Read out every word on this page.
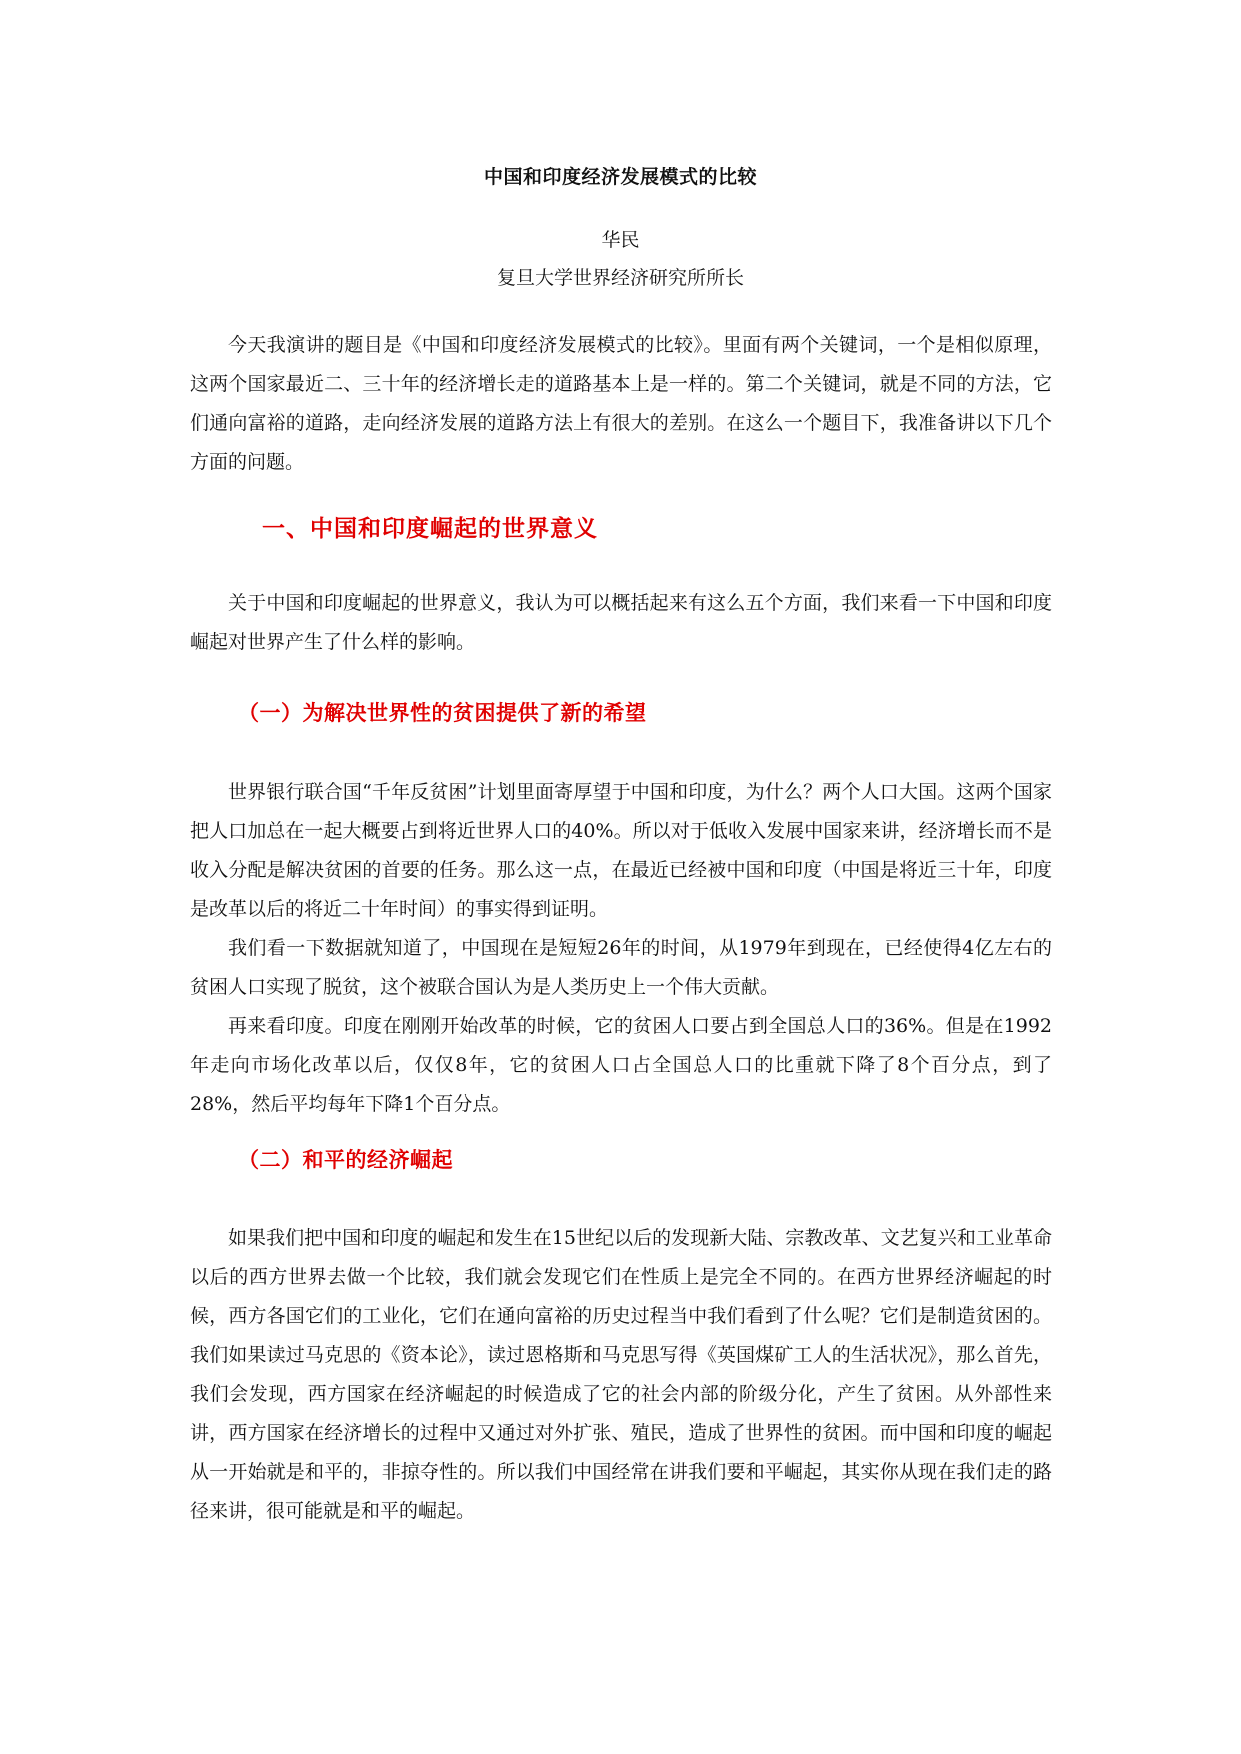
中国和印度经济发展模式的比较
华民
复旦大学世界经济研究所所长

今天我演讲的题目是《中国和印度经济发展模式的比较》。里面有两个关键词，一个是相似原理，这两个国家最近二、三十年的经济增长走的道路基本上是一样的。第二个关键词，就是不同的方法，它们通向富裕的道路，走向经济发展的道路方法上有很大的差别。在这么一个题目下，我准备讲以下几个方面的问题。

一、中国和印度崛起的世界意义

关于中国和印度崛起的世界意义，我认为可以概括起来有这么五个方面，我们来看一下中国和印度崛起对世界产生了什么样的影响。

（一）为解决世界性的贫困提供了新的希望

世界银行联合国“千年反贫困”计划里面寄厚望于中国和印度，为什么？两个人口大国。这两个国家把人口加总在一起大概要占到将近世界人口的40%。所以对于低收入发展中国家来讲，经济增长而不是收入分配是解决贫困的首要的任务。那么这一点，在最近已经被中国和印度（中国是将近三十年，印度是改革以后的将近二十年时间）的事实得到证明。

我们看一下数据就知道了，中国现在是短短26年的时间，从1979年到现在，已经使得4亿左右的贫困人口实现了脱贫，这个被联合国认为是人类历史上一个伟大贡献。

再来看印度。印度在刚刚开始改革的时候，它的贫困人口要占到全国总人口的36%。但是在1992年走向市场化改革以后，仅仅8年，它的贫困人口占全国总人口的比重就下降了8个百分点，到了28%，然后平均每年下降1个百分点。

（二）和平的经济崛起

如果我们把中国和印度的崛起和发生在15世纪以后的发现新大陆、宗教改革、文艺复兴和工业革命以后的西方世界去做一个比较，我们就会发现它们在性质上是完全不同的。在西方世界经济崛起的时候，西方各国它们的工业化，它们在通向富裕的历史过程当中我们看到了什么呢？它们是制造贫困的。我们如果读过马克思的《资本论》，读过恩格斯和马克思写得《英国煤矿工人的生活状况》，那么首先，我们会发现，西方国家在经济崛起的时候造成了它的社会内部的阶级分化，产生了贫困。从外部性来讲，西方国家在经济增长的过程中又通过对外扩张、殖民，造成了世界性的贫困。而中国和印度的崛起从一开始就是和平的，非掠夺性的。所以我们中国经常在讲我们要和平崛起，其实你从现在我们走的路径来讲，很可能就是和平的崛起。
